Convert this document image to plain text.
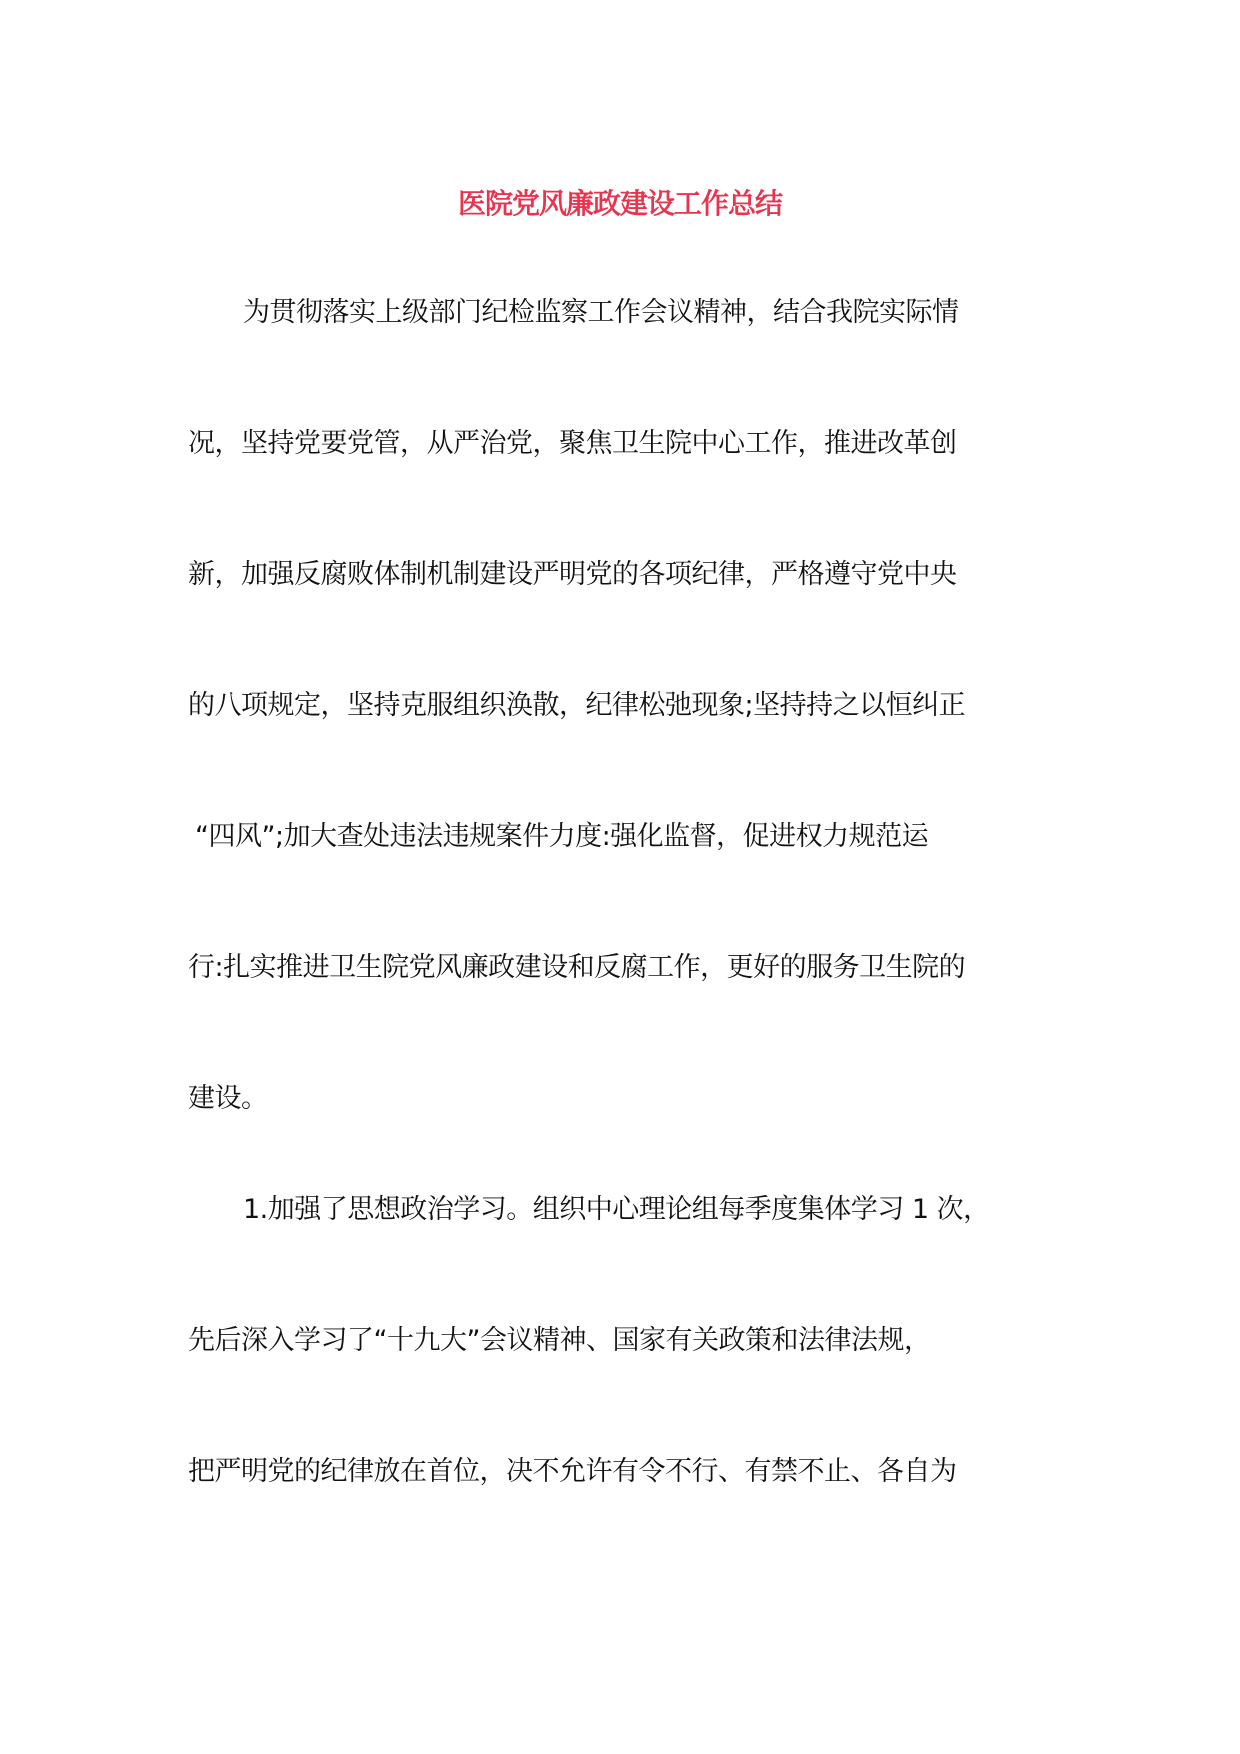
医院党风廉政建设工作总结
为贯彻落实上级部门纪检监察工作会议精神，结合我院实际情
况，坚持党要党管，从严治党，聚焦卫生院中心工作，推进改革创
新，加强反腐败体制机制建设严明党的各项纪律，严格遵守党中央
的八项规定，坚持克服组织涣散，纪律松弛现象;坚持持之以恒纠正
“四风”;加大查处违法违规案件力度:强化监督，促进权力规范运
行:扎实推进卫生院党风廉政建设和反腐工作，更好的服务卫生院的
建设。
1.加强了思想政治学习。组织中心理论组每季度集体学习 1 次，
先后深入学习了“十九大”会议精神、国家有关政策和法律法规，
把严明党的纪律放在首位，决不允许有令不行、有禁不止、各自为
